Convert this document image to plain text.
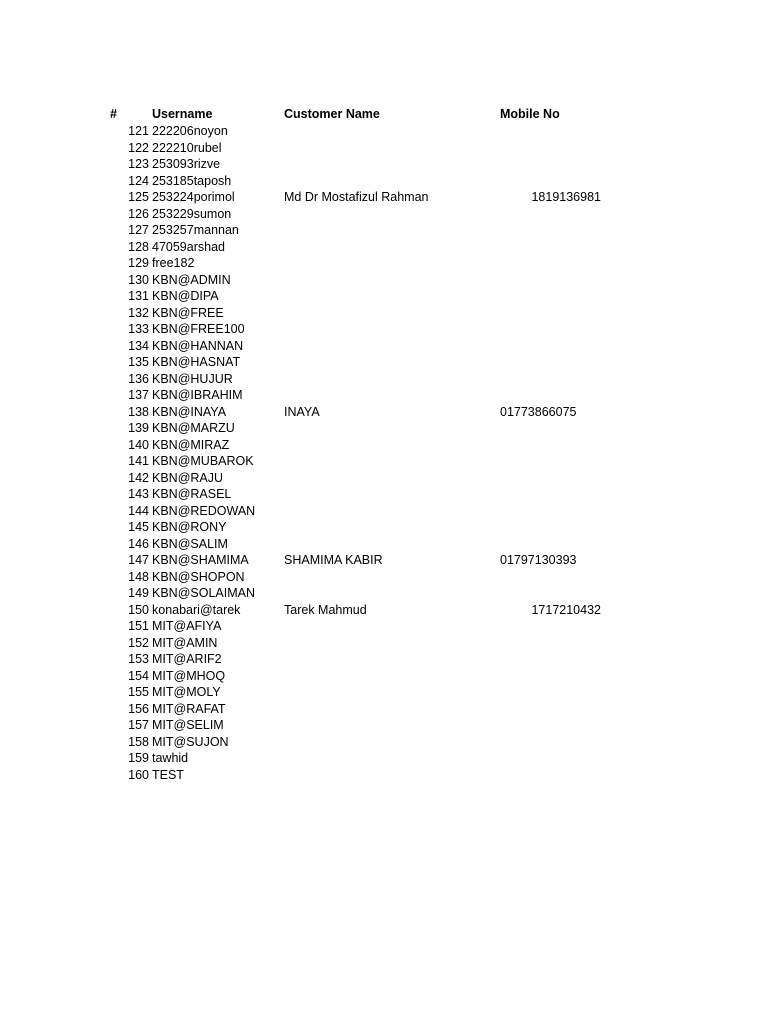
#	Username	Customer Name	Mobile No
121 222206noyon
122 222210rubel
123 253093rizve
124 253185taposh
125 253224porimol	Md Dr Mostafizul Rahman	1819136981
126 253229sumon
127 253257mannan
128 47059arshad
129 free182
130 KBN@ADMIN
131 KBN@DIPA
132 KBN@FREE
133 KBN@FREE100
134 KBN@HANNAN
135 KBN@HASNAT
136 KBN@HUJUR
137 KBN@IBRAHIM
138 KBN@INAYA	INAYA	01773866075
139 KBN@MARZU
140 KBN@MIRAZ
141 KBN@MUBAROK
142 KBN@RAJU
143 KBN@RASEL
144 KBN@REDOWAN
145 KBN@RONY
146 KBN@SALIM
147 KBN@SHAMIMA	SHAMIMA KABIR	01797130393
148 KBN@SHOPON
149 KBN@SOLAIMAN
150 konabari@tarek	Tarek Mahmud	1717210432
151 MIT@AFIYA
152 MIT@AMIN
153 MIT@ARIF2
154 MIT@MHOQ
155 MIT@MOLY
156 MIT@RAFAT
157 MIT@SELIM
158 MIT@SUJON
159 tawhid
160 TEST
